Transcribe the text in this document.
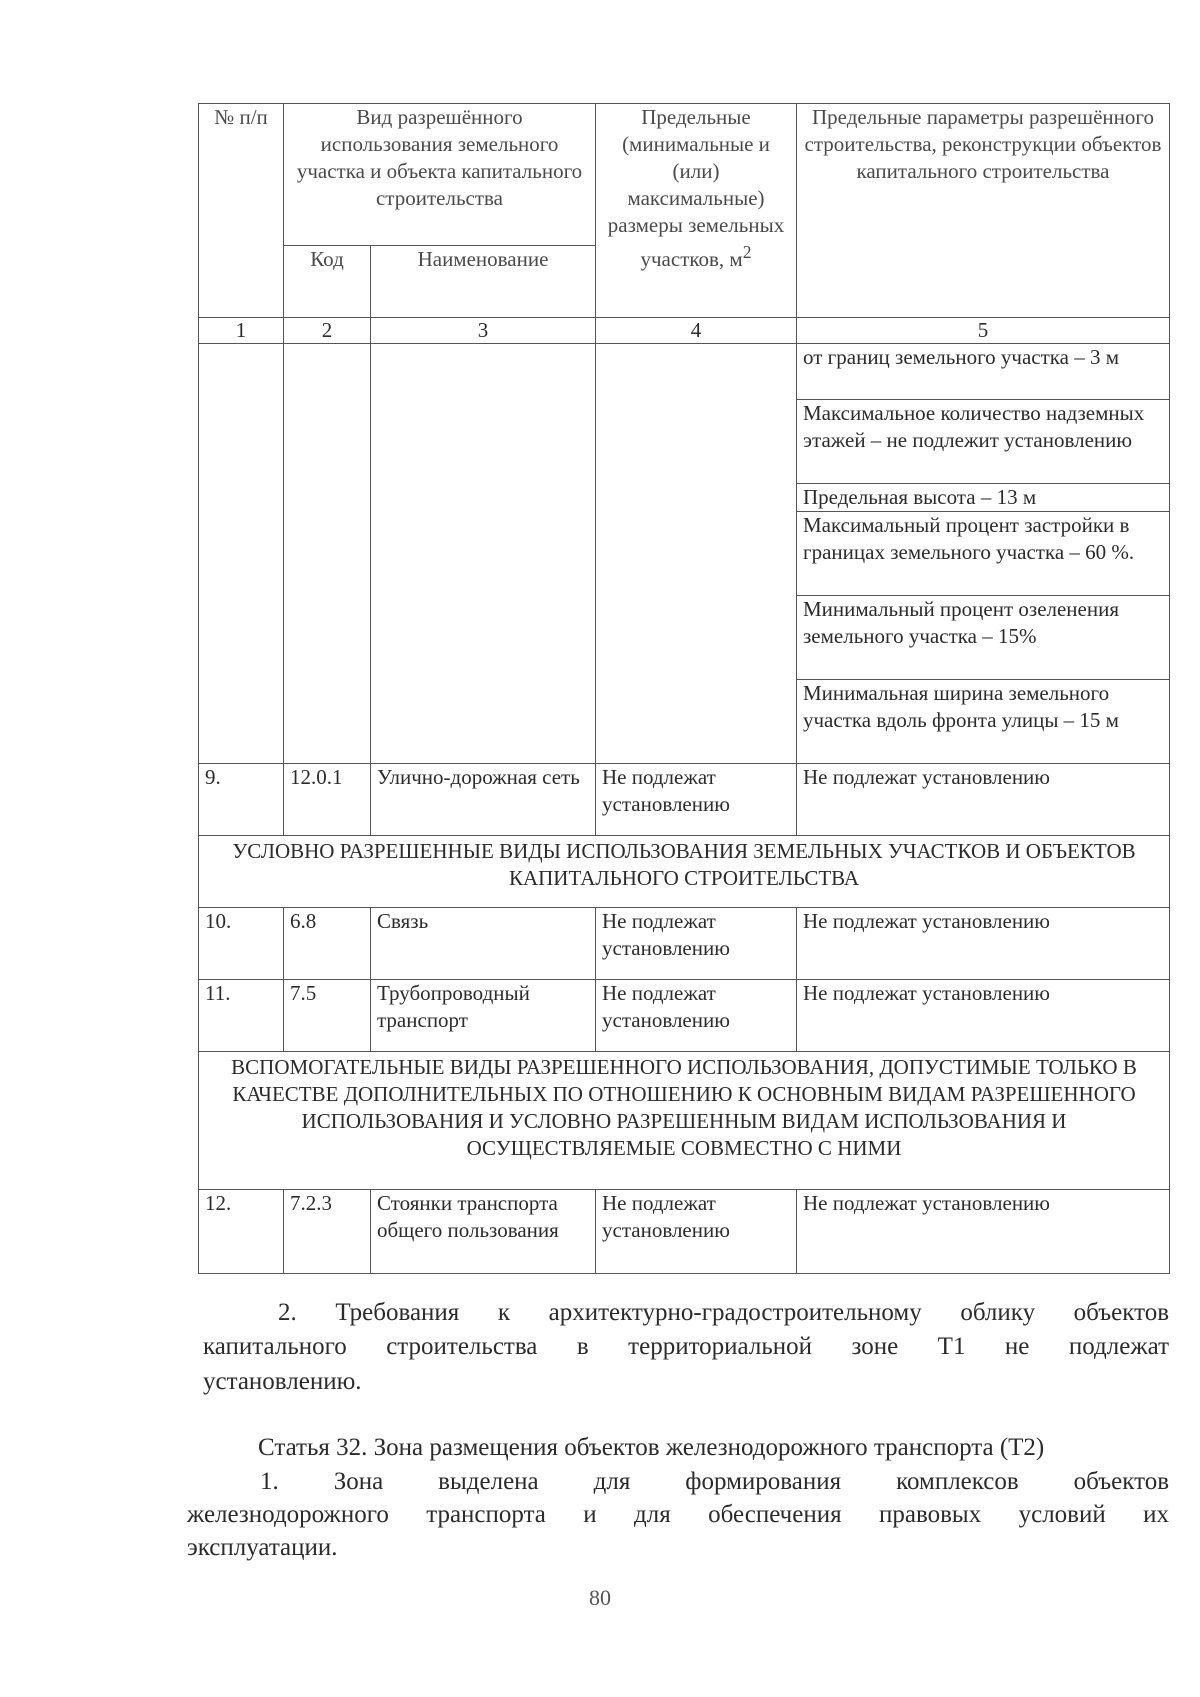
№ п/п	Вид разрешённого использования земельного участка и объекта капитального строительства		Предельные (минимальные и (или) максимальные) размеры земельных участков, $м^2$	Предельные параметры разрешённого строительства, реконструкции объектов капитального строительства
	Код	Наименование		
1	2	3	4	5
				от границ земельного участка – 3 м
				Максимальное количество надземных этажей – не подлежит установлению
				Предельная высота – 13 м
				Максимальный процент застройки в границах земельного участка – 60 %.
				Минимальный процент озеленения земельного участка – 15%
				Минимальная ширина земельного участка вдоль фронта улицы – 15 м
9.	12.0.1	Улично-дорожная сеть	Не подлежат установлению	Не подлежат установлению
УСЛОВНО РАЗРЕШЕННЫЕ ВИДЫ ИСПОЛЬЗОВАНИЯ ЗЕМЕЛЬНЫХ УЧАСТКОВ И ОБЪЕКТОВ КАПИТАЛЬНОГО СТРОИТЕЛЬСТВА				
10.	6.8	Связь	Не подлежат установлению	Не подлежат установлению
11.	7.5	Трубопроводный транспорт	Не подлежат установлению	Не подлежат установлению
ВСПОМОГАТЕЛЬНЫЕ ВИДЫ РАЗРЕШЕННОГО ИСПОЛЬЗОВАНИЯ, ДОПУСТИМЫЕ ТОЛЬКО В КАЧЕСТВЕ ДОПОЛНИТЕЛЬНЫХ ПО ОТНОШЕНИЮ К ОСНОВНЫМ ВИДАМ РАЗРЕШЕННОГО ИСПОЛЬЗОВАНИЯ И УСЛОВНО РАЗРЕШЕННЫМ ВИДАМ ИСПОЛЬЗОВАНИЯ И ОСУЩЕСТВЛЯЕМЫЕ СОВМЕСТНО С НИМИ				
12.	7.2.3	Стоянки транспорта общего пользования	Не подлежат установлению	Не подлежат установлению
2. Требования к архитектурно-градостроительному облику объектов
капитального строительства в территориальной зоне Т1 не подлежат
установлению.
Статья 32. Зона размещения объектов железнодорожного транспорта (Т2)
1. Зона выделена для формирования комплексов объектов
железнодорожного транспорта и для обеспечения правовых условий их
эксплуатации.
80
